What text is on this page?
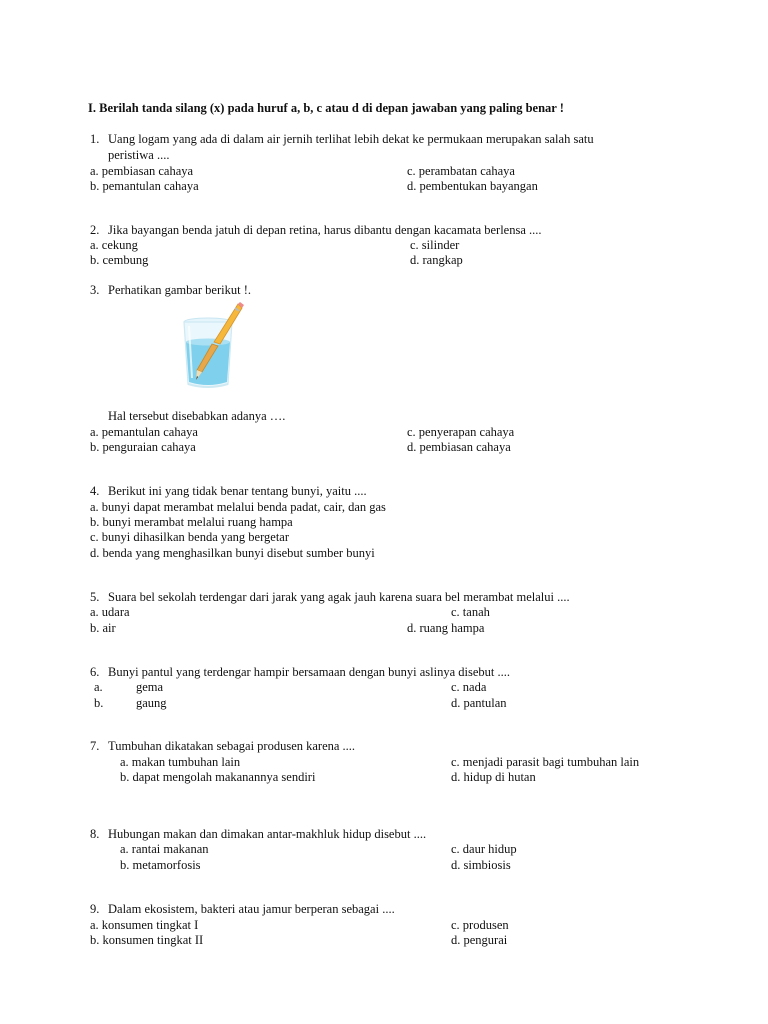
I. Berilah tanda silang (x) pada huruf a, b, c atau d di depan jawaban yang paling benar !
1. Uang logam yang ada di dalam air jernih terlihat lebih dekat ke permukaan merupakan salah satu
peristiwa ....
a. pembiasan cahaya
b. pemantulan cahaya
c. perambatan cahaya
d. pembentukan bayangan
2. Jika bayangan benda jatuh di depan retina, harus dibantu dengan kacamata berlensa ....
a. cekung
b. cembung
c. silinder
d. rangkap
3. Perhatikan gambar berikut !.
Hal tersebut disebabkan adanya ….
a. pemantulan cahaya
b. penguraian cahaya
c. penyerapan cahaya
d. pembiasan cahaya
4. Berikut ini yang tidak benar tentang bunyi, yaitu ....
a. bunyi dapat merambat melalui benda padat, cair, dan gas
b. bunyi merambat melalui ruang hampa
c. bunyi dihasilkan benda yang bergetar
d. benda yang menghasilkan bunyi disebut sumber bunyi
5. Suara bel sekolah terdengar dari jarak yang agak jauh karena suara bel merambat melalui ....
a. udara
b. air
c. tanah
d. ruang hampa
6. Bunyi pantul yang terdengar hampir bersamaan dengan bunyi aslinya disebut ....
a.	gema
b.	gaung
c. nada
d. pantulan
7. Tumbuhan dikatakan sebagai produsen karena ....
a. makan tumbuhan lain
b. dapat mengolah makanannya sendiri
c. menjadi parasit bagi tumbuhan lain
d. hidup di hutan
8. Hubungan makan dan dimakan antar-makhluk hidup disebut ....
a. rantai makanan
b. metamorfosis
c. daur hidup
d. simbiosis
9. Dalam ekosistem, bakteri atau jamur berperan sebagai ....
a. konsumen tingkat I
b. konsumen tingkat II
c. produsen
d. pengurai
